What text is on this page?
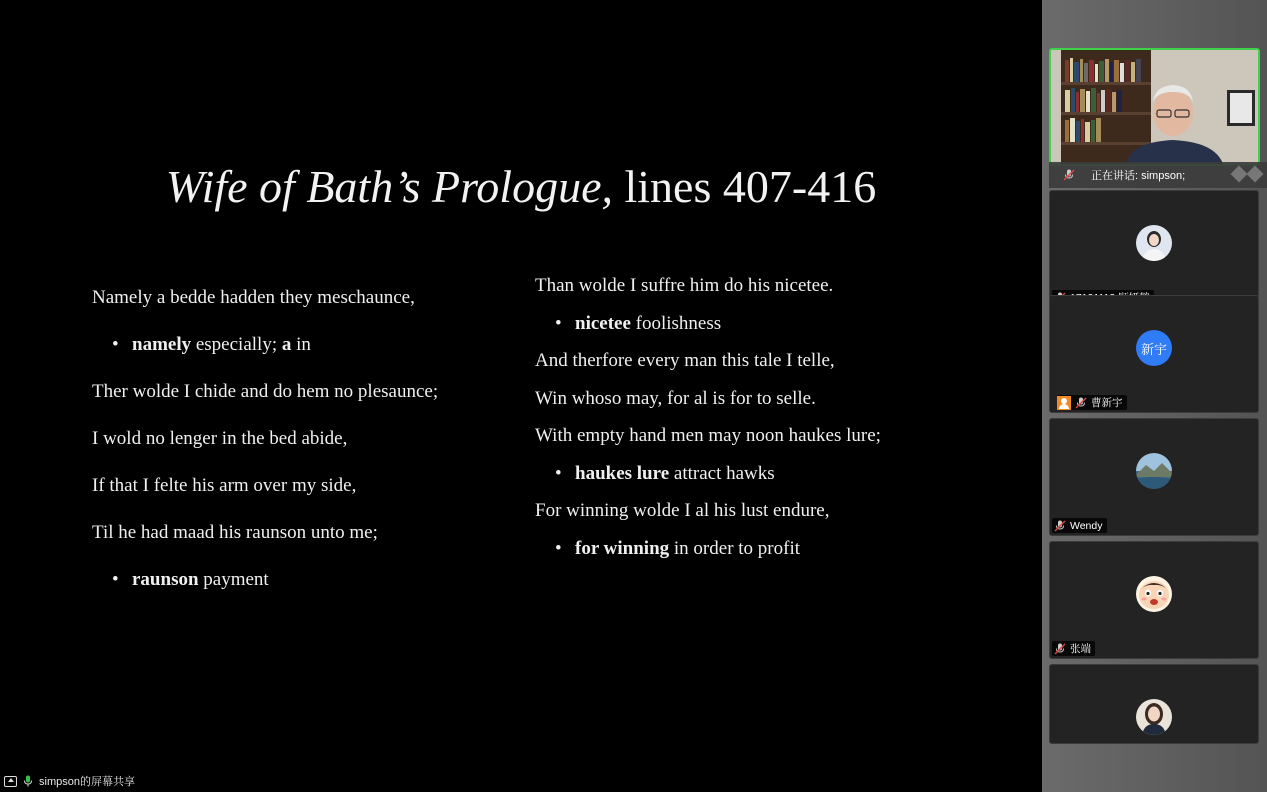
Wife of Bath’s Prologue, lines 407-416
Namely a bedde hadden they meschaunce,
• namely especially; a in
Ther wolde I chide and do hem no plesaunce;
I wold no lenger in the bed abide,
If that I felte his arm over my side,
Til he had maad his raunson unto me;
• raunson payment
Than wolde I suffre him do his nicetee.
• nicetee foolishness
And therfore every man this tale I telle,
Win whoso may, for al is for to selle.
With empty hand men may noon haukes lure;
• haukes lure attract hawks
For winning wolde I al his lust endure,
• for winning in order to profit
simpson的屏幕共享
正在讲话: simpson;
新宇
曹新宇
Wendy
张端
